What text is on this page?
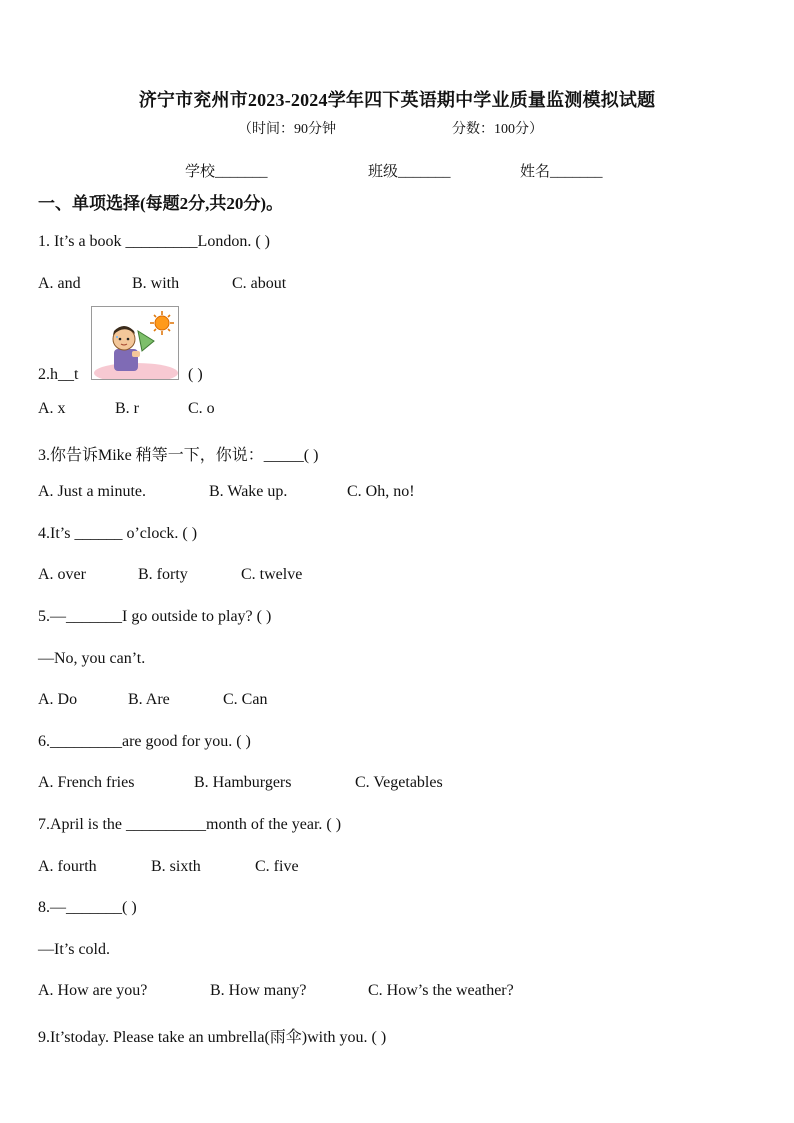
济宁市兖州市2023-2024学年四下英语期中学业质量监测模拟试题
（时间：90分钟	分数：100分）
学校_______	班级_______	姓名_______
一、单项选择(每题2分,共20分)。
1. It’s a book _________London. ( )
A. and	B. with	C. about
2.h__t	( )
A. x	B. r	C. o
3.你告诉Mike 稍等一下，你说：_____( )
A. Just a minute.	B. Wake up.	C. Oh, no!
4.It’s ______ o’clock. ( )
A. over	B. forty	C. twelve
5.—_______I go outside to play? ( )
—No, you can’t.
A. Do	B. Are	C. Can
6._________are good for you. ( )
A. French fries	B. Hamburgers	C. Vegetables
7.April is the __________month of the year. ( )
A. fourth	B. sixth	C. five
8.—_______( )
—It’s cold.
A. How are you?	B. How many?	C. How’s the weather?
9.It’stoday. Please take an umbrella(雨伞)with you. ( )
